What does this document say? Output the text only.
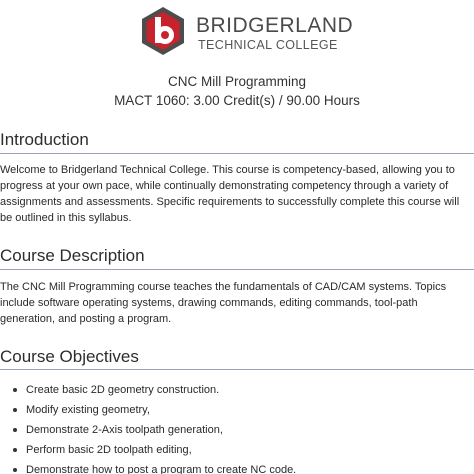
BRIDGERLAND
TECHNICAL COLLEGE
CNC Mill Programming
MACT 1060: 3.00 Credit(s) / 90.00 Hours
Introduction

Welcome to Bridgerland Technical College. This course is competency-based, allowing you to progress at your own pace, while continually demonstrating competency through a variety of assignments and assessments. Specific requirements to successfully complete this course will be outlined in this syllabus.

Course Description

The CNC Mill Programming course teaches the fundamentals of CAD/CAM systems. Topics include software operating systems, drawing commands, editing commands, tool-path generation, and posting a program.

Course Objectives
Create basic 2D geometry construction.
Modify existing geometry,
Demonstrate 2-Axis toolpath generation,
Perform basic 2D toolpath editing,
Demonstrate how to post a program to create NC code.
